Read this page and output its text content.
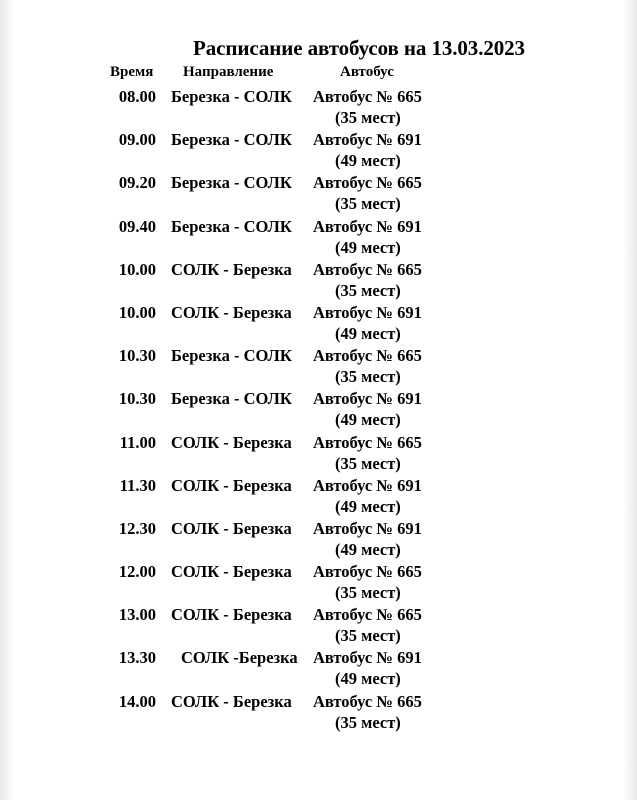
Расписание автобусов на 13.03.2023
Время Направление	Автобус
08.00 Березка - СОЛК Автобус № 665
(35 мест)
09.00 Березка - СОЛК Автобус № 691
(49 мест)
09.20 Березка - СОЛК Автобус № 665
(35 мест)
09.40 Березка - СОЛК Автобус № 691
(49 мест)
10.00 СОЛК - Березка Автобус № 665
(35 мест)
10.00 СОЛК - Березка Автобус № 691
(49 мест)
10.30 Березка - СОЛК Автобус № 665
(35 мест)
10.30 Березка - СОЛК Автобус № 691
(49 мест)
11.00 СОЛК - Березка Автобус № 665
(35 мест)
11.30 СОЛК - Березка Автобус № 691
(49 мест)
12.30 СОЛК - Березка Автобус № 691
(49 мест)
12.00 СОЛК - Березка Автобус № 665
(35 мест)
13.00 СОЛК - Березка Автобус № 665
(35 мест)
13.30 СОЛК -Березка Автобус № 691
(49 мест)
14.00 СОЛК - Березка Автобус № 665
(35 мест)
